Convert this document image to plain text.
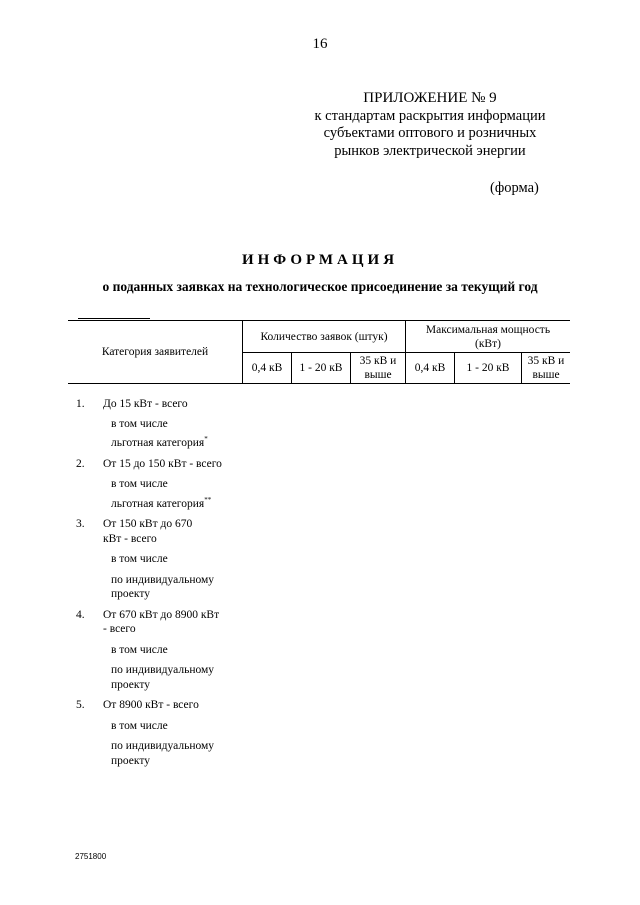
16
ПРИЛОЖЕНИЕ № 9
к стандартам раскрытия информации
субъектами оптового и розничных
рынков электрической энергии
(форма)
ИНФОРМАЦИЯ
о поданных заявках на технологическое присоединение за текущий год
Категория заявителей	Количество заявок (штук)			Максимальная мощность (кВт)		
	0,4 кВ	1 - 20 кВ	35 кВ и выше	0,4 кВ	1 - 20 кВ	35 кВ и выше
1.	До 15 кВт - всего
в том числе
льготная категория*
2.	От 15 до 150 кВт - всего
в том числе
льготная категория**
3.	От 150 кВт до 670 кВт - всего
в том числе
по индивидуальному проекту
4.	От 670 кВт до 8900 кВт - всего
в том числе
по индивидуальному проекту
5.	От 8900 кВт - всего
в том числе
по индивидуальному проекту
2751800
